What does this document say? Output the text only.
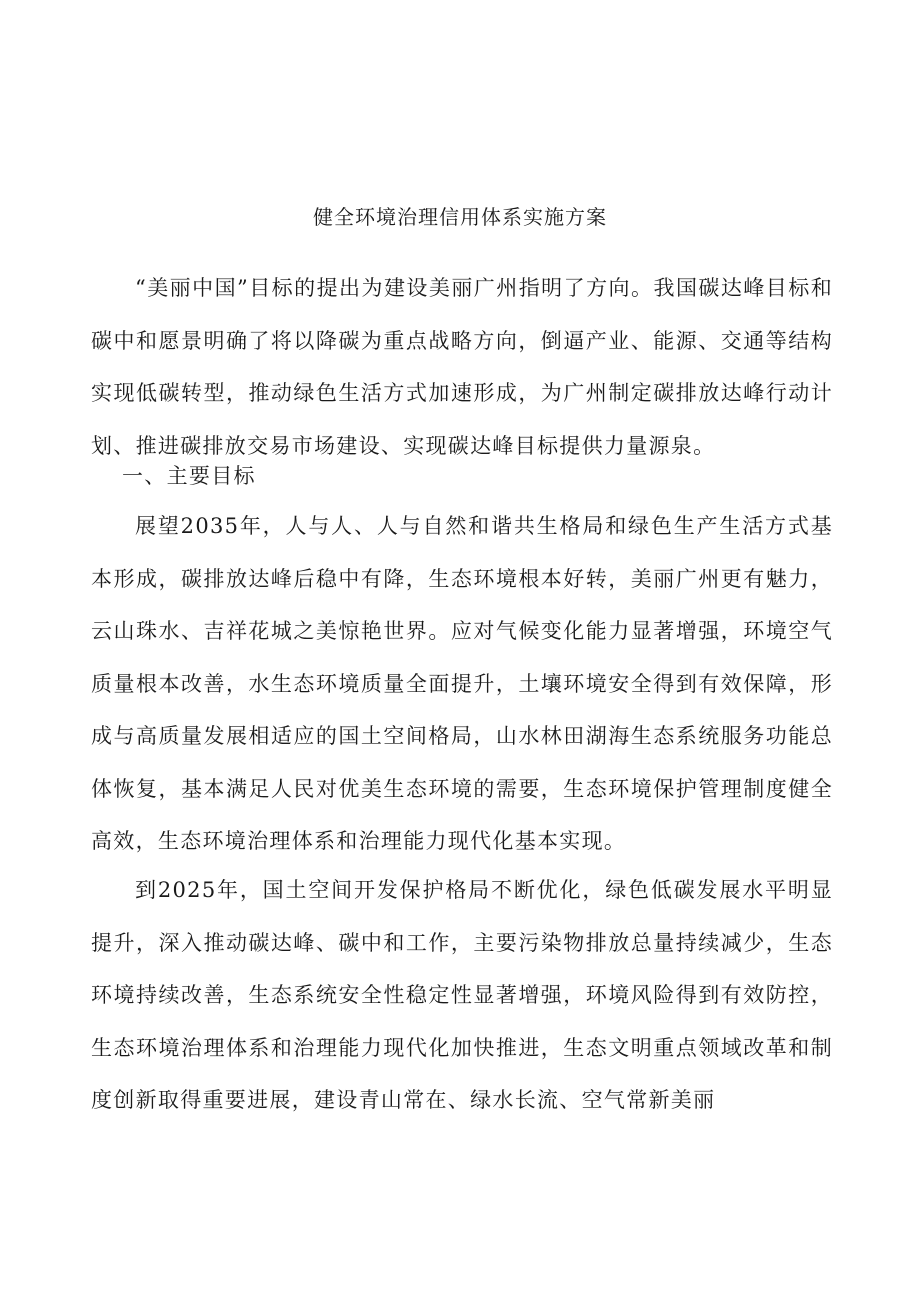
健全环境治理信用体系实施方案

“美丽中国”目标的提出为建设美丽广州指明了方向。我国碳达峰目标和碳中和愿景明确了将以降碳为重点战略方向，倒逼产业、能源、交通等结构实现低碳转型，推动绿色生活方式加速形成，为广州制定碳排放达峰行动计划、推进碳排放交易市场建设、实现碳达峰目标提供力量源泉。

一、主要目标

展望2035年，人与人、人与自然和谐共生格局和绿色生产生活方式基本形成，碳排放达峰后稳中有降，生态环境根本好转，美丽广州更有魅力，云山珠水、吉祥花城之美惊艳世界。应对气候变化能力显著增强，环境空气质量根本改善，水生态环境质量全面提升，土壤环境安全得到有效保障，形成与高质量发展相适应的国土空间格局，山水林田湖海生态系统服务功能总体恢复，基本满足人民对优美生态环境的需要，生态环境保护管理制度健全高效，生态环境治理体系和治理能力现代化基本实现。

到2025年，国土空间开发保护格局不断优化，绿色低碳发展水平明显提升，深入推动碳达峰、碳中和工作，主要污染物排放总量持续减少，生态环境持续改善，生态系统安全性稳定性显著增强，环境风险得到有效防控，生态环境治理体系和治理能力现代化加快推进，生态文明重点领域改革和制度创新取得重要进展，建设青山常在、绿水长流、空气常新美丽
